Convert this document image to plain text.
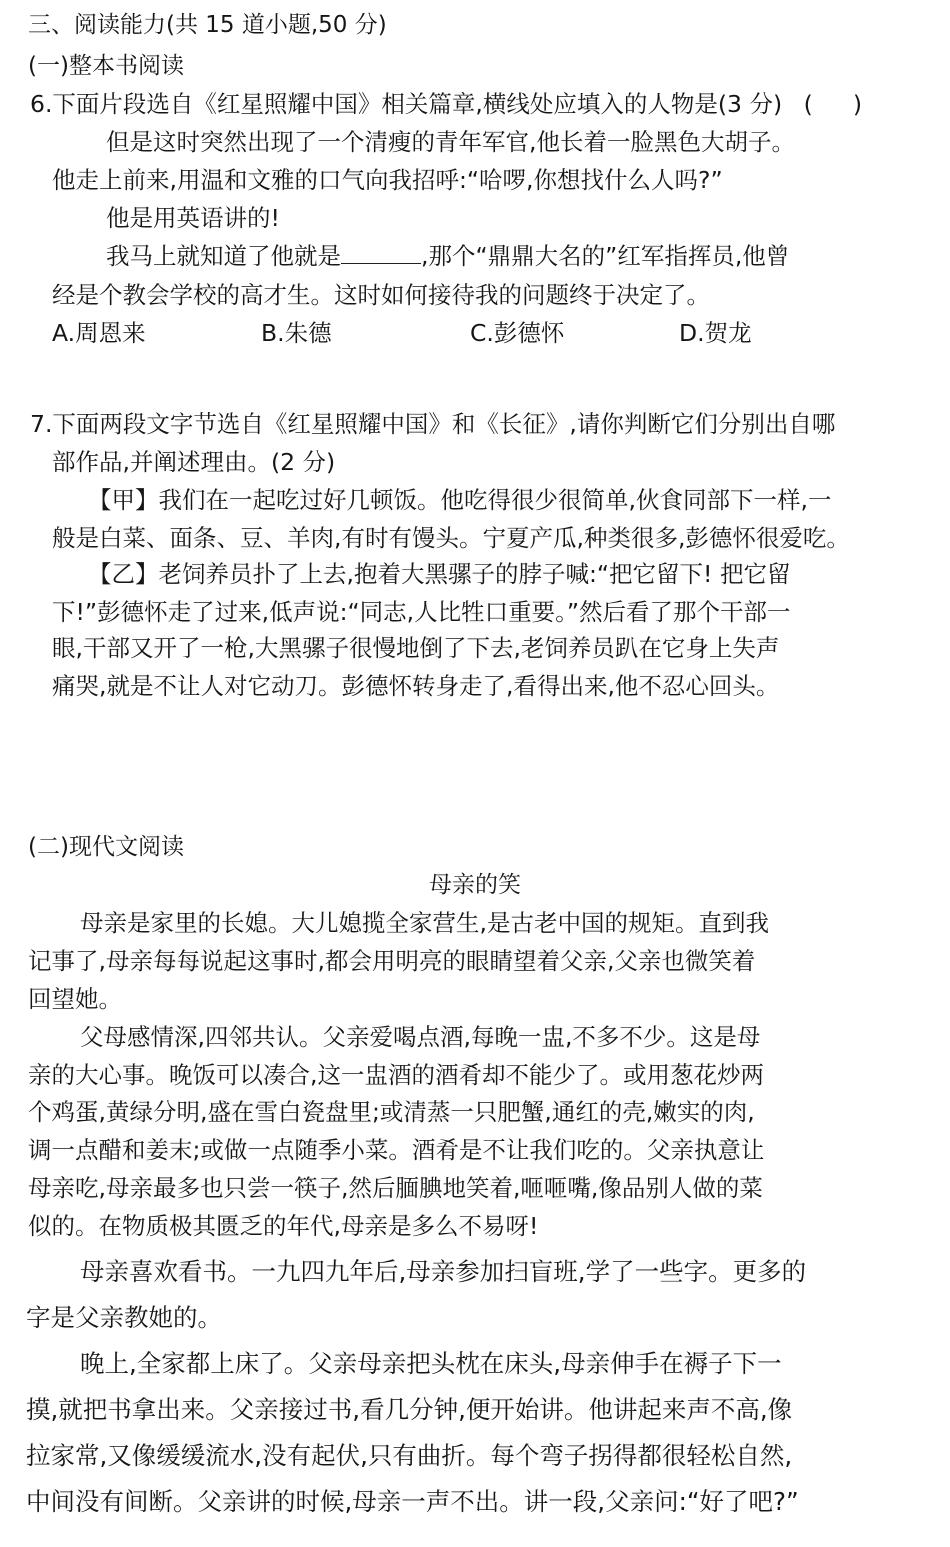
三、阅读能力(共 15 道小题,50 分)
(一)整本书阅读
6.下面片段选自《红星照耀中国》相关篇章,横线处应填入的人物是(3 分) ( )
但是这时突然出现了一个清瘦的青年军官,他长着一脸黑色大胡子。
他走上前来,用温和文雅的口气向我招呼:“哈啰,你想找什么人吗?”
他是用英语讲的!
我马上就知道了他就是	,那个“鼎鼎大名的”红军指挥员,他曾
经是个教会学校的高才生。这时如何接待我的问题终于决定了。
A.周恩来	B.朱德	C.彭德怀	D.贺龙
7.下面两段文字节选自《红星照耀中国》和《长征》,请你判断它们分别出自哪
部作品,并阐述理由。(2 分)
【甲】我们在一起吃过好几顿饭。他吃得很少很简单,伙食同部下一样,一
般是白菜、面条、豆、羊肉,有时有馒头。宁夏产瓜,种类很多,彭德怀很爱吃。
【乙】老饲养员扑了上去,抱着大黑骡子的脖子喊:“把它留下! 把它留
下!”彭德怀走了过来,低声说:“同志,人比牲口重要。”然后看了那个干部一
眼,干部又开了一枪,大黑骡子很慢地倒了下去,老饲养员趴在它身上失声
痛哭,就是不让人对它动刀。彭德怀转身走了,看得出来,他不忍心回头。
(二)现代文阅读
母亲的笑
母亲是家里的长媳。大儿媳揽全家营生,是古老中国的规矩。直到我
记事了,母亲每每说起这事时,都会用明亮的眼睛望着父亲,父亲也微笑着
回望她。
父母感情深,四邻共认。父亲爱喝点酒,每晚一盅,不多不少。这是母
亲的大心事。晚饭可以凑合,这一盅酒的酒肴却不能少了。或用葱花炒两
个鸡蛋,黄绿分明,盛在雪白瓷盘里;或清蒸一只肥蟹,通红的壳,嫩实的肉,
调一点醋和姜末;或做一点随季小菜。酒肴是不让我们吃的。父亲执意让
母亲吃,母亲最多也只尝一筷子,然后腼腆地笑着,咂咂嘴,像品别人做的菜
似的。在物质极其匮乏的年代,母亲是多么不易呀!
母亲喜欢看书。一九四九年后,母亲参加扫盲班,学了一些字。更多的
字是父亲教她的。
晚上,全家都上床了。父亲母亲把头枕在床头,母亲伸手在褥子下一
摸,就把书拿出来。父亲接过书,看几分钟,便开始讲。他讲起来声不高,像
拉家常,又像缓缓流水,没有起伏,只有曲折。每个弯子拐得都很轻松自然,
中间没有间断。父亲讲的时候,母亲一声不出。讲一段,父亲问:“好了吧?”
